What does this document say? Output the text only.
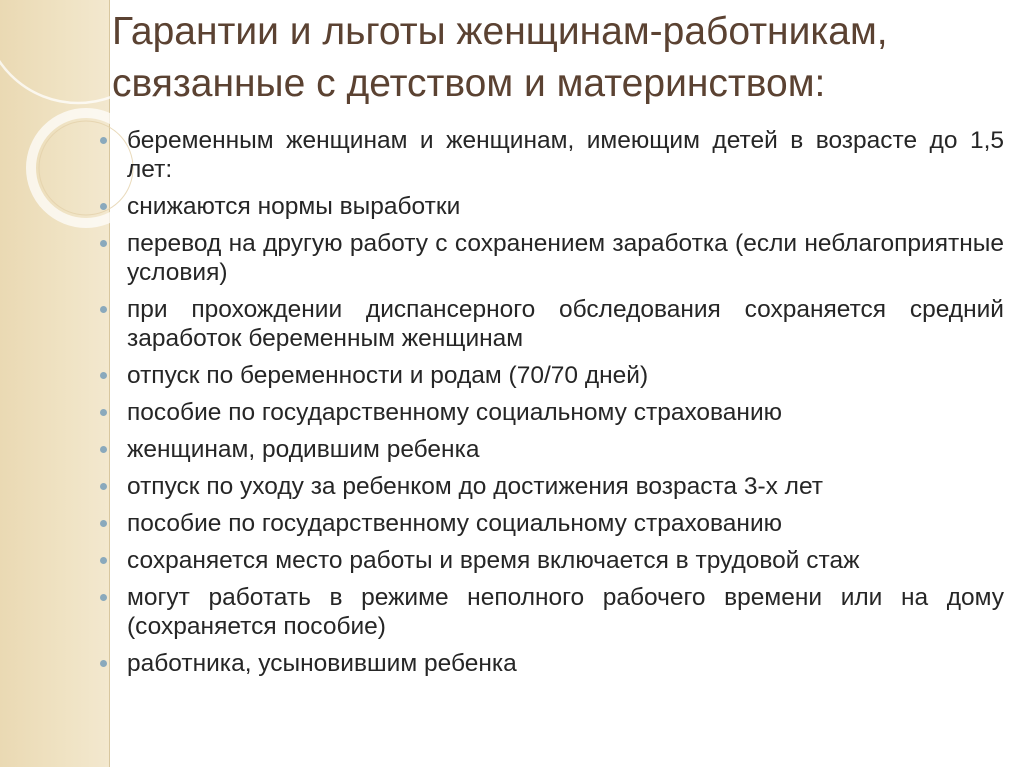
Гарантии и льготы женщинам-работникам,
связанные с детством и материнством:
беременным женщинам и женщинам, имеющим детей в возрасте до 1,5 лет:
снижаются нормы выработки
перевод на другую работу с сохранением заработка (если неблагоприятные условия)
при прохождении диспансерного обследования сохраняется средний заработок беременным женщинам
отпуск по беременности и родам (70/70 дней)
пособие по государственному социальному страхованию
женщинам, родившим ребенка
отпуск по уходу за ребенком до достижения возраста 3-х лет
пособие по государственному социальному страхованию
сохраняется место работы и время включается в трудовой стаж
могут работать в режиме неполного рабочего времени или на дому (сохраняется пособие)
работника, усыновившим ребенка
